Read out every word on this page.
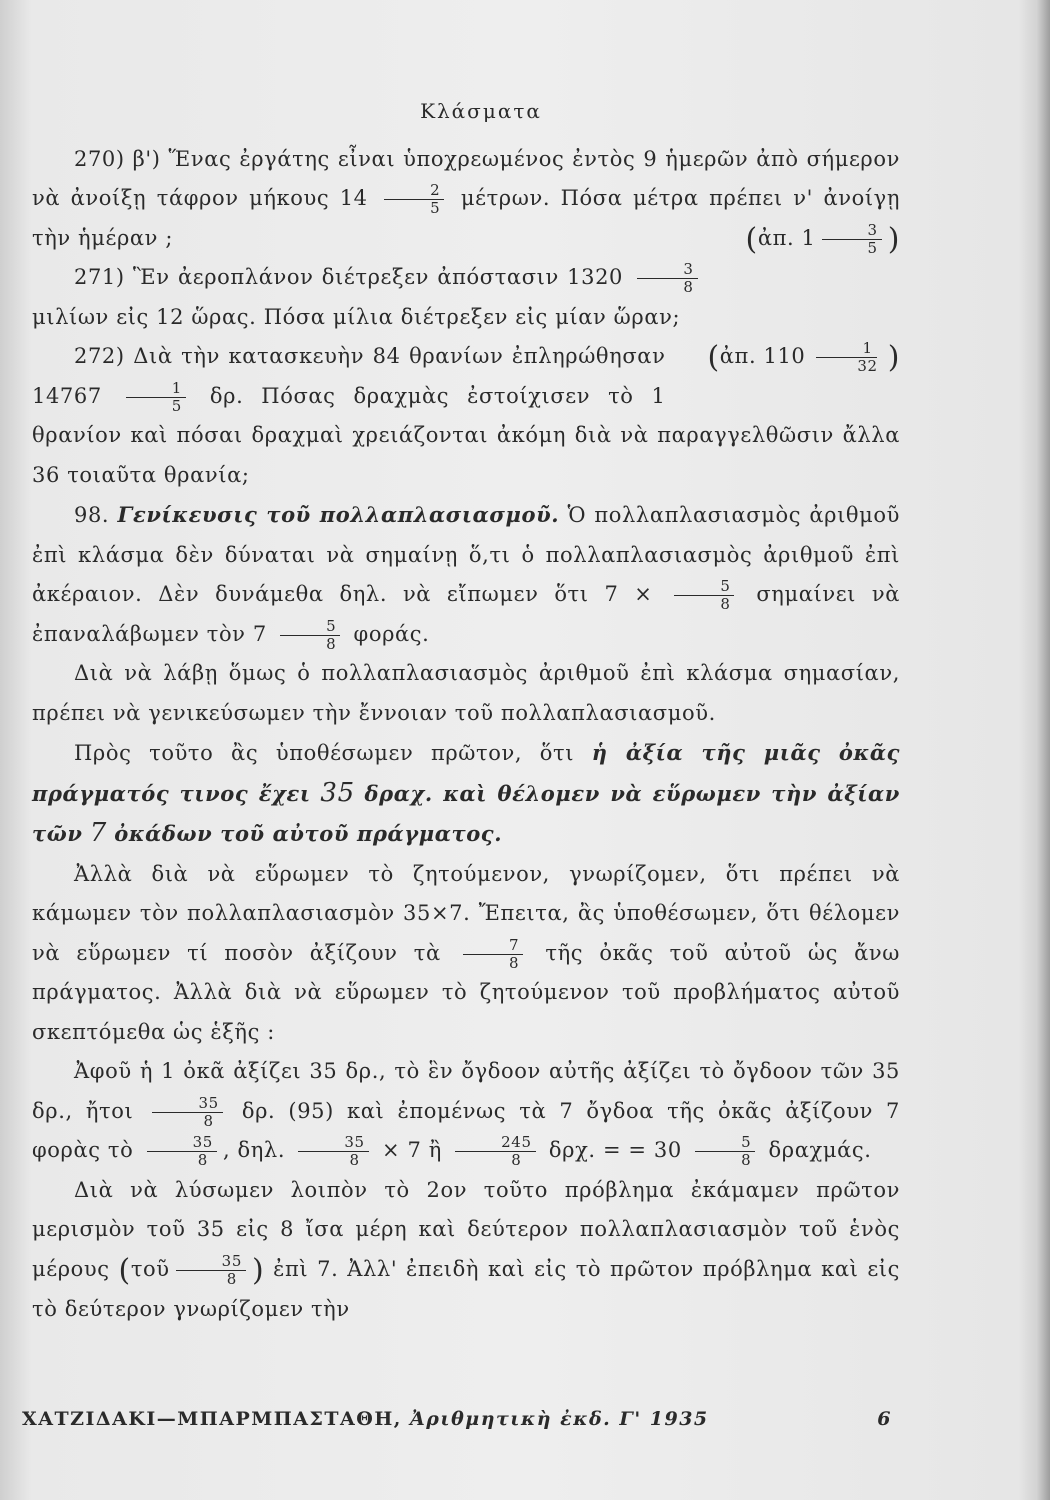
Κλάσματα
270) β') Ἕνας ἐργάτης εἶναι ὑποχρεωμένος ἐντὸς 9 ἡμερῶν ἀπὸ σήμερον νὰ ἀνοίξῃ τάφρον μήκους $14 \frac{2}{5} \mu έ\tau\rho\omega\nu$. Πόσα μέτρα πρέπει ν' ἀνοίγῃ τὴν ἡμέραν ;	(ἀπ. $1 \frac{3}{5}$ )
271) Ἓν ἀεροπλάνον διέτρεξεν ἀπόστασιν $1320 \frac{3}{8}$
μιλίων εἰς 12 ὥρας. Πόσα μίλια διέτρεξεν εἰς μίαν ὥραν;
(ἀπ. $110 \frac{1}{32}$ )
272) Διὰ τὴν κατασκευὴν 84 θρανίων ἐπληρώθησαν $14767 \frac{1}{5} \delta\rho$. Πόσας δραχμὰς ἐστοίχισεν τὸ 1 θρανίον καὶ πόσαι δραχμαὶ χρειάζονται ἀκόμη διὰ νὰ παραγγελθῶσιν ἄλλα 36 τοιαῦτα θρανία;
98. Γενίκευσις τοῦ πολλαπλασιασμοῦ. Ὁ πολλαπλασιασμὸς ἀριθμοῦ ἐπὶ κλάσμα δὲν δύναται νὰ σημαίνῃ ὅ,τι ὁ πολλαπλασιασμὸς ἀριθμοῦ ἐπὶ ἀκέραιον. Δὲν δυνάμεθα δηλ. νὰ εἴπωμεν ὅτι $7 \times \frac{5}{8}$ σημαίνει νὰ ἐπαναλάβωμεν τὸν $7 \frac{5}{8} \varphi o\rho ά\varsigma$.
Διὰ νὰ λάβῃ ὅμως ὁ πολλαπλασιασμὸς ἀριθμοῦ ἐπὶ κλάσμα σημασίαν, πρέπει νὰ γενικεύσωμεν τὴν ἔννοιαν τοῦ πολλαπλασιασμοῦ.
Πρὸς τοῦτο ἂς ὑποθέσωμεν πρῶτον, ὅτι ἡ ἀξία τῆς μιᾶς ὀκᾶς πράγματός τινος ἔχει 35 δραχ. καὶ θέλομεν νὰ εὕρωμεν τὴν ἀξίαν τῶν 7 ὀκάδων τοῦ αὐτοῦ πράγματος.
Ἀλλὰ διὰ νὰ εὕρωμεν τὸ ζητούμενον, γνωρίζομεν, ὅτι πρέπει νὰ κάμωμεν τὸν πολλαπλασιασμὸν 35×7. Ἔπειτα, ἂς ὑποθέσωμεν, ὅτι θέλομεν νὰ εὕρωμεν τί ποσὸν ἀξίζουν τὰ $\frac{7}{8}$ τῆς ὀκᾶς τοῦ αὐτοῦ ὡς ἄνω πράγματος. Ἀλλὰ διὰ νὰ εὕρωμεν τὸ ζητούμενον τοῦ προβλήματος αὐτοῦ σκεπτόμεθα ὡς ἑξῆς :
Ἀφοῦ ἡ 1 ὀκᾶ ἀξίζει 35 δρ., τὸ ἓν ὄγδοον αὐτῆς ἀξίζει τὸ ὄγδοον τῶν 35 δρ., ἤτοι $\frac{35}{8} \delta\rho$. (95) καὶ ἐπομένως τὰ 7 ὄγδοα τῆς ὀκᾶς ἀξίζουν 7 φορὰς τὸ $\frac{35}{8}$ , δηλ. $\frac{35}{8} \times 7$ ἢ $\frac{245}{8} \delta\rho\chi$. = = $30 \frac{5}{8} \delta\rho\alpha\chi\mu ά\varsigma$.
Διὰ νὰ λύσωμεν λοιπὸν τὸ 2ον τοῦτο πρόβλημα ἐκάμαμεν πρῶτον μερισμὸν τοῦ 35 εἰς 8 ἴσα μέρη καὶ δεύτερον πολλαπλασιασμὸν τοῦ ἑνὸς μέρους (τοῦ $\frac{35}{8}$ ) ἐπὶ 7. Ἀλλ' ἐπειδὴ καὶ εἰς τὸ πρῶτον πρόβλημα καὶ εἰς τὸ δεύτερον γνωρίζομεν τὴν
ΧΑΤΖΙΔΑΚΙ—ΜΠΑΡΜΠΑΣΤΑΘΗ, Ἀριθμητικὴ ἐκδ. Γ' 1935	6
